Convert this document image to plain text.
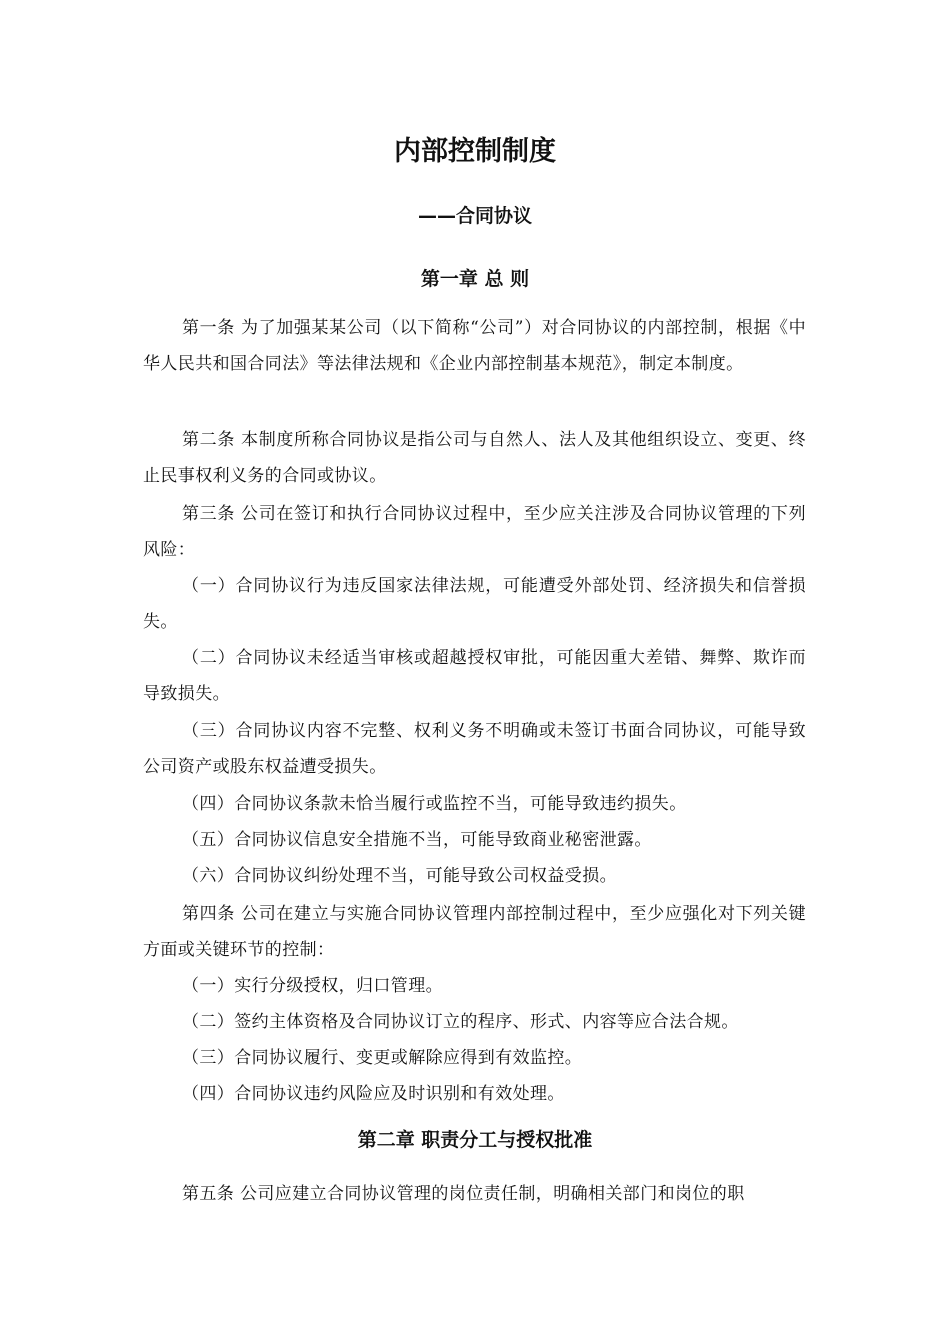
内部控制制度
——合同协议
第一章 总 则

第一条 为了加强某某公司（以下简称“公司”）对合同协议的内部控制，根据《中华人民共和国合同法》等法律法规和《企业内部控制基本规范》，制定本制度。

第二条 本制度所称合同协议是指公司与自然人、法人及其他组织设立、变更、终止民事权利义务的合同或协议。

第三条 公司在签订和执行合同协议过程中，至少应关注涉及合同协议管理的下列风险：

（一）合同协议行为违反国家法律法规，可能遭受外部处罚、经济损失和信誉损失。

（二）合同协议未经适当审核或超越授权审批，可能因重大差错、舞弊、欺诈而导致损失。

（三）合同协议内容不完整、权利义务不明确或未签订书面合同协议，可能导致公司资产或股东权益遭受损失。

（四）合同协议条款未恰当履行或监控不当，可能导致违约损失。

（五）合同协议信息安全措施不当，可能导致商业秘密泄露。

（六）合同协议纠纷处理不当，可能导致公司权益受损。

第四条 公司在建立与实施合同协议管理内部控制过程中，至少应强化对下列关键方面或关键环节的控制：

（一）实行分级授权，归口管理。

（二）签约主体资格及合同协议订立的程序、形式、内容等应合法合规。

（三）合同协议履行、变更或解除应得到有效监控。

（四）合同协议违约风险应及时识别和有效处理。

第二章 职责分工与授权批准

第五条 公司应建立合同协议管理的岗位责任制，明确相关部门和岗位的职
